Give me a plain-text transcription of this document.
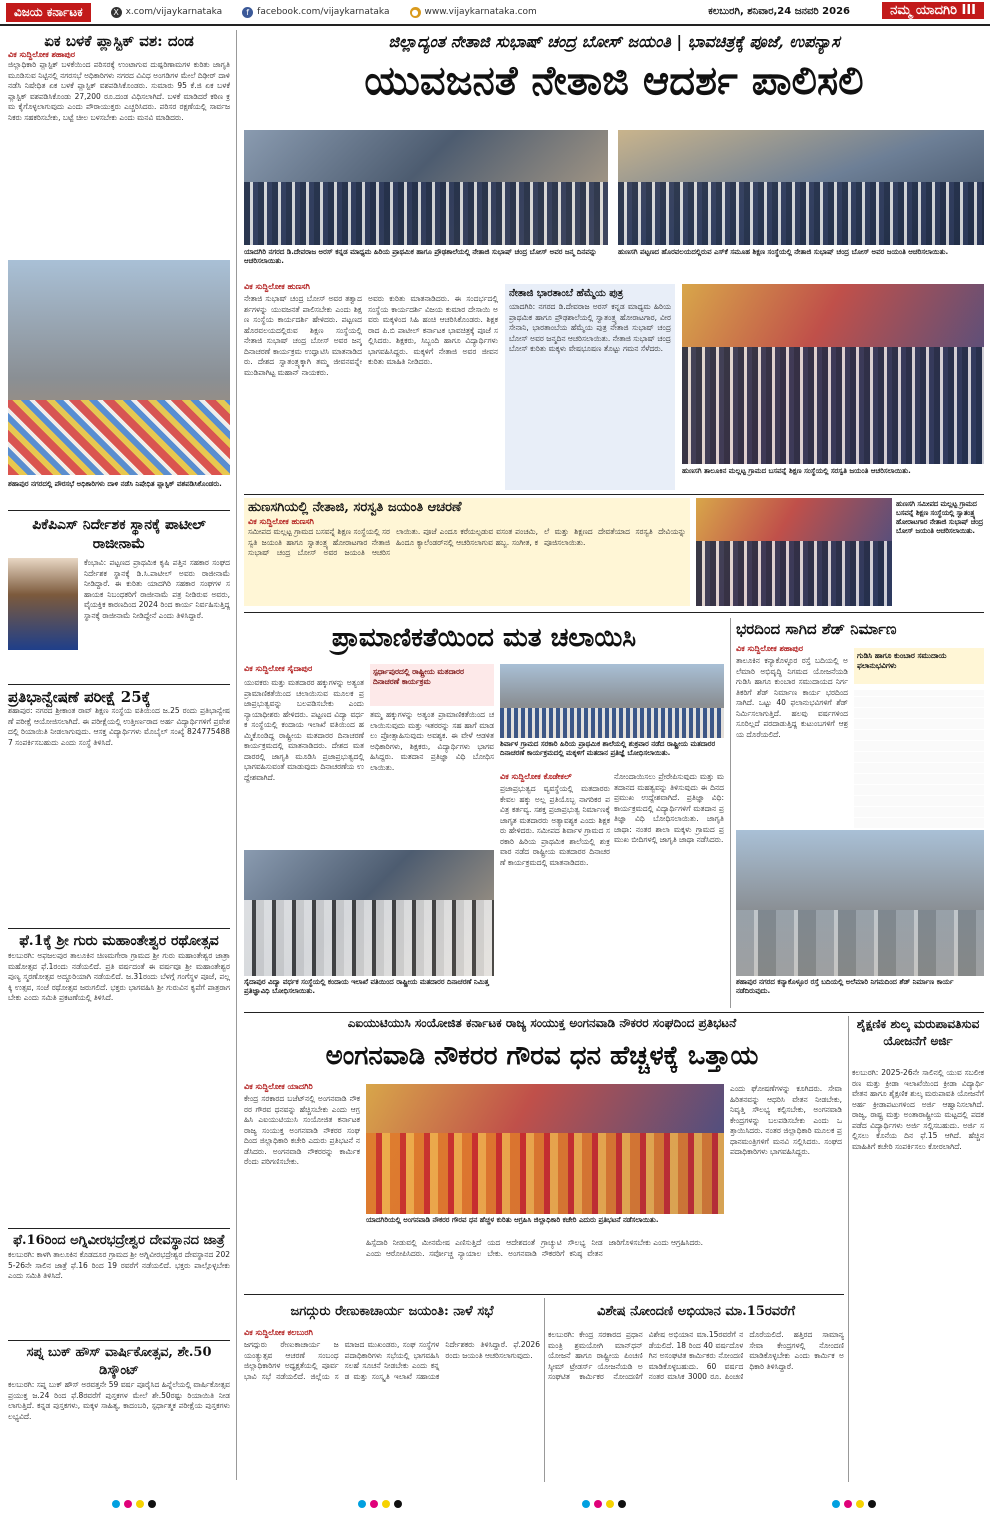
ವಿಜಯ ಕರ್ನಾಟಕ	X x.com/vijaykarnataka	f facebook.com/vijaykarnataka	● www.vijaykarnataka.com	ಕಲಬುರಗಿ, ಶನಿವಾರ,24 ಜನವರಿ 2026	ನಮ್ಮ ಯಾದಗಿರಿ III
ಏಕ ಬಳಕೆ ಪ್ಲಾಸ್ಟಿಕ್ ವಶ: ದಂಡ
ವಿಕ ಸುದ್ದಿಲೋಕ ಶಹಾಪುರ
ಜಿಲ್ಲಾಧಿಕಾರಿ ಪ್ಲಾಸ್ಟಿಕ್ ಬಳಕೆಯಿಂದ ಪರಿಸರಕ್ಕೆ ಉಂಟಾಗುವ ದುಷ್ಪರಿಣಾಮಗಳ ಕುರಿತು ಜಾಗೃತಿ ಮೂಡಿಸುವ ನಿಟ್ಟಿನಲ್ಲಿ ನಗರಸಭೆ ಅಧಿಕಾರಿಗಳು ನಗರದ ವಿವಿಧ ಅಂಗಡಿಗಳ ಮೇಲೆ ದಿಢೀರ್ ದಾಳಿ ನಡೆಸಿ ನಿಷೇಧಿತ ಏಕ ಬಳಕೆ ಪ್ಲಾಸ್ಟಿಕ್ ವಶಪಡಿಸಿಕೊಂಡರು. ಸುಮಾರು 95 ಕೆ.ಜಿ ಏಕ ಬಳಕೆ ಪ್ಲಾಸ್ಟಿಕ್ ವಶಪಡಿಸಿಕೊಂಡು 27,200 ರೂ.ದಂಡ ವಿಧಿಸಲಾಗಿದೆ. ಬಳಕೆ ಮಾಡಿದರೆ ಕಠಿಣ ಕ್ರಮ ಕೈಗೊಳ್ಳಲಾಗುವುದು ಎಂದು ಪೌರಾಯುಕ್ತರು ಎಚ್ಚರಿಸಿದರು. ಪರಿಸರ ರಕ್ಷಣೆಯಲ್ಲಿ ಸಾರ್ವಜನಿಕರು ಸಹಕರಿಸಬೇಕು, ಬಟ್ಟೆ ಚೀಲ ಬಳಸಬೇಕು ಎಂದು ಮನವಿ ಮಾಡಿದರು.
ಶಹಾಪುರ ನಗರದಲ್ಲಿ ಪೌರಸಭೆ ಅಧಿಕಾರಿಗಳು ದಾಳಿ ನಡೆಸಿ ನಿಷೇಧಿತ ಪ್ಲಾಸ್ಟಿಕ್ ವಶಪಡಿಸಿಕೊಂಡರು.
ಪಿಕೆಪಿಎಸ್ ನಿರ್ದೇಶಕ ಸ್ಥಾನಕ್ಕೆ ಪಾಟೀಲ್ ರಾಜೀನಾಮೆ
ಕೆಂಭಾವಿ: ಪಟ್ಟಣದ ಪ್ರಾಥಮಿಕ ಕೃಷಿ ಪತ್ತಿನ ಸಹಕಾರ ಸಂಘದ ನಿರ್ದೇಶಕ ಸ್ಥಾನಕ್ಕೆ ಡಿ.ಸಿ.ಪಾಟೀಲ್ ಅವರು ರಾಜೀನಾಮೆ ನೀಡಿದ್ದಾರೆ. ಈ ಕುರಿತು ಯಾದಗಿರಿ ಸಹಕಾರ ಸಂಘಗಳ ಸಹಾಯಕ ನಿಬಂಧಕರಿಗೆ ರಾಜೀನಾಮೆ ಪತ್ರ ನೀಡಿರುವ ಅವರು, ವೈಯಕ್ತಿಕ ಕಾರಣದಿಂದ 2024 ರಿಂದ ಕಾರ್ಯ ನಿರ್ವಹಿಸುತ್ತಿದ್ದ ಸ್ಥಾನಕ್ಕೆ ರಾಜೀನಾಮೆ ನೀಡಿದ್ದೇನೆ ಎಂದು ತಿಳಿಸಿದ್ದಾರೆ.
ಪ್ರತಿಭಾನ್ವೇಷಣೆ ಪರೀಕ್ಷೆ 25ಕ್ಕೆ
ಶಹಾಪುರ: ನಗರದ ಶ್ರೀಕಾಂತ ರಾವ್ ಶಿಕ್ಷಣ ಸಂಸ್ಥೆಯ ವತಿಯಿಂದ ಜ.25 ರಂದು ಪ್ರತಿಭಾನ್ವೇಷಣೆ ಪರೀಕ್ಷೆ ಆಯೋಜಿಸಲಾಗಿದೆ. ಈ ಪರೀಕ್ಷೆಯಲ್ಲಿ ಉತ್ತೀರ್ಣರಾದ ಅರ್ಹ ವಿದ್ಯಾರ್ಥಿಗಳಿಗೆ ಪ್ರವೇಶದಲ್ಲಿ ರಿಯಾಯಿತಿ ನೀಡಲಾಗುವುದು. ಆಸಕ್ತ ವಿದ್ಯಾರ್ಥಿಗಳು ಮೊಬೈಲ್ ಸಂಖ್ಯೆ 8247754887 ಸಂಪರ್ಕಿಸಬಹುದು ಎಂದು ಸಂಸ್ಥೆ ತಿಳಿಸಿದೆ.
ಫೆ.1ಕ್ಕೆ ಶ್ರೀ ಗುರು ಮಹಾಂತೇಶ್ವರ ರಥೋತ್ಸವ
ಕಲಬುರಗಿ: ಅಫಜಲಪುರ ತಾಲೂಕಿನ ಚಿಣಮಗೇರಾ ಗ್ರಾಮದ ಶ್ರೀ ಗುರು ಮಹಾಂತೇಶ್ವರ ಜಾತ್ರಾ ಮಹೋತ್ಸವ ಫೆ.1ರಂದು ನಡೆಯಲಿದೆ. ಪ್ರತಿ ವರ್ಷದಂತೆ ಈ ವರ್ಷವೂ ಶ್ರೀ ಮಹಾಂತೇಶ್ವರ ಪುಣ್ಯ ಸ್ಮರಣೋತ್ಸವ ಅದ್ದೂರಿಯಾಗಿ ನಡೆಯಲಿದೆ. ಜ.31ರಂದು ಬೆಳಗ್ಗೆ ಗಂಗೆಸ್ಥಳ ಪೂಜೆ, ಪಲ್ಲಕ್ಕಿ ಉತ್ಸವ, ಸಂಜೆ ರಥೋತ್ಸವ ಜರುಗಲಿದೆ. ಭಕ್ತರು ಭಾಗವಹಿಸಿ ಶ್ರೀ ಗುರುವಿನ ಕೃಪೆಗೆ ಪಾತ್ರರಾಗಬೇಕು ಎಂದು ಸಮಿತಿ ಪ್ರಕಟಣೆಯಲ್ಲಿ ತಿಳಿಸಿದೆ.
ಫೆ.16ರಿಂದ ಅಗ್ನಿವೀರಭದ್ರೇಶ್ವರ ದೇವಸ್ಥಾನದ ಜಾತ್ರೆ
ಕಲಬುರಗಿ: ಕಾಳಗಿ ತಾಲೂಕಿನ ಕೊಡದೂರ ಗ್ರಾಮದ ಶ್ರೀ ಅಗ್ನಿವೀರಭದ್ರೇಶ್ವರ ದೇವಸ್ಥಾನದ 2025-26ನೇ ಸಾಲಿನ ಜಾತ್ರೆ ಫೆ.16 ರಿಂದ 19 ರವರೆಗೆ ನಡೆಯಲಿದೆ. ಭಕ್ತರು ಪಾಲ್ಗೊಳ್ಳಬೇಕು ಎಂದು ಸಮಿತಿ ತಿಳಿಸಿದೆ.
ಸಪ್ನ ಬುಕ್ ಹೌಸ್ ವಾರ್ಷಿಕೋತ್ಸವ, ಶೇ.50 ಡಿಸ್ಕೌಂಟ್
ಕಲಬುರಗಿ: ಸಪ್ನ ಬುಕ್ ಹೌಸ್ ಅರವತ್ತನೇ 59 ವರ್ಷ ಪೂರೈಸಿದ ಹಿನ್ನೆಲೆಯಲ್ಲಿ ವಾರ್ಷಿಕೋತ್ಸವ ಪ್ರಯುಕ್ತ ಜ.24 ರಿಂದ ಫೆ.8ರವರೆಗೆ ಪುಸ್ತಕಗಳ ಮೇಲೆ ಶೇ.50ರಷ್ಟು ರಿಯಾಯಿತಿ ನೀಡಲಾಗುತ್ತಿದೆ. ಕನ್ನಡ ಪುಸ್ತಕಗಳು, ಮಕ್ಕಳ ಸಾಹಿತ್ಯ, ಕಾದಂಬರಿ, ಸ್ಪರ್ಧಾತ್ಮಕ ಪರೀಕ್ಷೆಯ ಪುಸ್ತಕಗಳು ಲಭ್ಯವಿದೆ.
ಜಿಲ್ಲಾದ್ಯಂತ ನೇತಾಜಿ ಸುಭಾಷ್ ಚಂದ್ರ ಬೋಸ್ ಜಯಂತಿ | ಭಾವಚಿತ್ರಕ್ಕೆ ಪೂಜೆ, ಉಪನ್ಯಾಸ
ಯುವಜನತೆ ನೇತಾಜಿ ಆದರ್ಶ ಪಾಲಿಸಲಿ
ಯಾದಗಿರಿ ನಗರದ ಡಿ.ದೇವರಾಜ ಅರಸ್ ಕನ್ನಡ ಮಾಧ್ಯಮ ಹಿರಿಯ ಪ್ರಾಥಮಿಕ ಹಾಗೂ ಪ್ರೌಢಶಾಲೆಯಲ್ಲಿ ನೇತಾಜಿ ಸುಭಾಷ್ ಚಂದ್ರ ಬೋಸ್ ಅವರ ಜನ್ಮ ದಿನವನ್ನು ಆಚರಿಸಲಾಯಿತು.
ಹುಣಸಗಿ ಪಟ್ಟಣದ ಹೊರವಲಯದಲ್ಲಿರುವ ಎಸ್‌ಕೆ ಸಮೂಹ ಶಿಕ್ಷಣ ಸಂಸ್ಥೆಯಲ್ಲಿ ನೇತಾಜಿ ಸುಭಾಷ್ ಚಂದ್ರ ಬೋಸ್ ಅವರ ಜಯಂತಿ ಆಚರಿಸಲಾಯಿತು.
ವಿಕ ಸುದ್ದಿಲೋಕ ಹುಣಸಗಿ
ನೇತಾಜಿ ಸುಭಾಷ್ ಚಂದ್ರ ಬೋಸ್ ಅವರ ತತ್ವಾದರ್ಶಗಳನ್ನು ಯುವಜನತೆ ಪಾಲಿಸಬೇಕು ಎಂದು ಶಿಕ್ಷಣ ಸಂಸ್ಥೆಯ ಕಾರ್ಯದರ್ಶಿ ಹೇಳಿದರು. ಪಟ್ಟಣದ ಹೊರವಲಯದಲ್ಲಿರುವ ಶಿಕ್ಷಣ ಸಂಸ್ಥೆಯಲ್ಲಿ ನೇತಾಜಿ ಸುಭಾಷ್ ಚಂದ್ರ ಬೋಸ್ ಅವರ ಜನ್ಮ ದಿನಾಚರಣೆ ಕಾರ್ಯಕ್ರಮ ಉದ್ಘಾಟಿಸಿ ಮಾತನಾಡಿದರು. ದೇಶದ ಸ್ವಾತಂತ್ರ್ಯಕ್ಕಾಗಿ ತಮ್ಮ ಜೀವನವನ್ನೇ ಮುಡಿಪಾಗಿಟ್ಟ ಮಹಾನ್ ನಾಯಕರು.
ಅವರು ಕುರಿತು ಮಾತನಾಡಿದರು. ಈ ಸಂದರ್ಭದಲ್ಲಿ ಸಂಸ್ಥೆಯ ಕಾರ್ಯದರ್ಶಿ ವಿಜಯ ಕುಮಾರ ದೇಸಾಯಿ ಅವರು ಮಕ್ಕಳಿಂದ ಸಿಹಿ ಹಂಚಿ ಆಚರಿಸಿಕೊಂಡರು. ಶಿಕ್ಷಕರಾದ ಪಿ.ಬಿ ಪಾಟೀಲ್ ಕರ್ನಾಟಕ ಭಾವಚಿತ್ರಕ್ಕೆ ಪೂಜೆ ಸಲ್ಲಿಸಿದರು. ಶಿಕ್ಷಕರು, ಸಿಬ್ಬಂದಿ ಹಾಗೂ ವಿದ್ಯಾರ್ಥಿಗಳು ಭಾಗವಹಿಸಿದ್ದರು. ಮಕ್ಕಳಿಗೆ ನೇತಾಜಿ ಅವರ ಜೀವನ ಕುರಿತು ಮಾಹಿತಿ ನೀಡಿದರು.
ನೇತಾಜಿ ಭಾರತಾಂಬೆ ಹೆಮ್ಮೆಯ ಪುತ್ರ
ಯಾದಗಿರಿ: ನಗರದ ಡಿ.ದೇವರಾಜ ಅರಸ್ ಕನ್ನಡ ಮಾಧ್ಯಮ ಹಿರಿಯ ಪ್ರಾಥಮಿಕ ಹಾಗೂ ಪ್ರೌಢಶಾಲೆಯಲ್ಲಿ ಸ್ವಾತಂತ್ರ್ಯ ಹೋರಾಟಗಾರ, ವೀರ ಸೇನಾನಿ, ಭಾರತಾಂಬೆಯ ಹೆಮ್ಮೆಯ ಪುತ್ರ ನೇತಾಜಿ ಸುಭಾಷ್ ಚಂದ್ರ ಬೋಸ್ ಅವರ ಜನ್ಮದಿನ ಆಚರಿಸಲಾಯಿತು. ನೇತಾಜಿ ಸುಭಾಷ್ ಚಂದ್ರ ಬೋಸ್ ಕುರಿತು ಮಕ್ಕಳು ವೇಷಭೂಷಣ ತೊಟ್ಟು ಗಮನ ಸೆಳೆದರು.
ಹುಣಸಗಿ ತಾಲೂಕಿನ ಮಲ್ಲಟ್ಟ ಗ್ರಾಮದ ಬಸವನ್ನೆ ಶಿಕ್ಷಣ ಸಂಸ್ಥೆಯಲ್ಲಿ ಸರಸ್ವತಿ ಜಯಂತಿ ಆಚರಿಸಲಾಯಿತು.
ಹುಣಸಗಿಯಲ್ಲಿ ನೇತಾಜಿ, ಸರಸ್ವತಿ ಜಯಂತಿ ಆಚರಣೆ
ವಿಕ ಸುದ್ದಿಲೋಕ ಹುಣಸಗಿ
ಸಮೀಪದ ಮಲ್ಲಟ್ಟ ಗ್ರಾಮದ ಬಸವನ್ನೆ ಶಿಕ್ಷಣ ಸಂಸ್ಥೆಯಲ್ಲಿ ಸರಸ್ವತಿ ಜಯಂತಿ ಹಾಗೂ ಸ್ವಾತಂತ್ರ್ಯ ಹೋರಾಟಗಾರ ನೇತಾಜಿ ಸುಭಾಷ್ ಚಂದ್ರ ಬೋಸ್ ಅವರ ಜಯಂತಿ ಆಚರಿಸಲಾಯಿತು. ಪೂಜೆ ಎಂದೂ ಕರೆಯಲ್ಪಡುವ ವಸಂತ ಪಂಚಮಿ, ಹಿಂದೂ ಕ್ಯಾಲೆಂಡರ್‌ನಲ್ಲಿ ಆಚರಿಸಲಾಗುವ ಹಬ್ಬ. ಸಂಗೀತ, ಕಲೆ ಮತ್ತು ಶಿಕ್ಷಣದ ದೇವತೆಯಾದ ಸರಸ್ವತಿ ದೇವಿಯನ್ನು ಪೂಜಿಸಲಾಯಿತು.
ಹುಣಸಗಿ ಸಮೀಪದ ಮಲ್ಲಟ್ಟ ಗ್ರಾಮದ ಬಸವನ್ನೆ ಶಿಕ್ಷಣ ಸಂಸ್ಥೆಯಲ್ಲಿ ಸ್ವಾತಂತ್ರ್ಯ ಹೋರಾಟಗಾರ ನೇತಾಜಿ ಸುಭಾಷ್ ಚಂದ್ರ ಬೋಸ್ ಜಯಂತಿ ಆಚರಿಸಲಾಯಿತು.
ಪ್ರಾಮಾಣಿಕತೆಯಿಂದ ಮತ ಚಲಾಯಿಸಿ
ವಿಕ ಸುದ್ದಿಲೋಕ ಸೈದಾಪುರ	ಸ್ಪರ್ಧಾಪುರದಲ್ಲಿ ರಾಷ್ಟ್ರೀಯ ಮತದಾರರ ದಿನಾಚರಣೆ ಕಾರ್ಯಕ್ರಮ
ಯುವಕರು ಮತ್ತು ಮತದಾರರ ಹಕ್ಕುಗಳನ್ನು ಅತ್ಯಂತ ಪ್ರಾಮಾಣಿಕತೆಯಿಂದ ಚಲಾಯಿಸುವ ಮೂಲಕ ಪ್ರಜಾಪ್ರಭುತ್ವವನ್ನು ಬಲಪಡಿಸಬೇಕು ಎಂದು ನ್ಯಾಯಾಧೀಶರು ಹೇಳಿದರು. ಪಟ್ಟಣದ ವಿದ್ಯಾ ವರ್ಧಕ ಸಂಸ್ಥೆಯಲ್ಲಿ ಕಂದಾಯ ಇಲಾಖೆ ವತಿಯಿಂದ ಹಮ್ಮಿಕೊಂಡಿದ್ದ ರಾಷ್ಟ್ರೀಯ ಮತದಾರರ ದಿನಾಚರಣೆ ಕಾರ್ಯಕ್ರಮದಲ್ಲಿ ಮಾತನಾಡಿದರು. ದೇಶದ ಮತದಾರರಲ್ಲಿ ಜಾಗೃತಿ ಮೂಡಿಸಿ ಪ್ರಜಾಪ್ರಭುತ್ವದಲ್ಲಿ ಭಾಗವಹಿಸುವಂತೆ ಮಾಡುವುದು ದಿನಾಚರಣೆಯ ಉದ್ದೇಶವಾಗಿದೆ.
ತಮ್ಮ ಹಕ್ಕುಗಳನ್ನು ಅತ್ಯಂತ ಪ್ರಾಮಾಣಿಕತೆಯಿಂದ ಚಲಾಯಿಸುವುದು ಮತ್ತು ಇತರರನ್ನು ಸಹ ಹಾಗೆ ಮಾಡಲು ಪ್ರೋತ್ಸಾಹಿಸುವುದು ಅವಶ್ಯಕ. ಈ ವೇಳೆ ಆಡಳಿತ ಅಧಿಕಾರಿಗಳು, ಶಿಕ್ಷಕರು, ವಿದ್ಯಾರ್ಥಿಗಳು ಭಾಗವಹಿಸಿದ್ದರು. ಮತದಾನ ಪ್ರತಿಜ್ಞಾ ವಿಧಿ ಬೋಧಿಸಲಾಯಿತು.
ಶಿರ್ವಾಳ ಗ್ರಾಮದ ಸರಕಾರಿ ಹಿರಿಯ ಪ್ರಾಥಮಿಕ ಶಾಲೆಯಲ್ಲಿ ಶುಕ್ರವಾರ ನಡೆದ ರಾಷ್ಟ್ರೀಯ ಮತದಾರರ ದಿನಾಚರಣೆ ಕಾರ್ಯಕ್ರಮದಲ್ಲಿ ಮಕ್ಕಳಿಗೆ ಮತದಾನ ಪ್ರತಿಜ್ಞೆ ಬೋಧಿಸಲಾಯಿತು.
ವಿಕ ಸುದ್ದಿಲೋಕ ಕೊಡೇಕಲ್
ಪ್ರಜಾಪ್ರಭುತ್ವದ ವ್ಯವಸ್ಥೆಯಲ್ಲಿ ಮತದಾರರು ಕೇವಲ ಹಕ್ಕು ಅಲ್ಲ ಪ್ರತಿಯೊಬ್ಬ ನಾಗರಿಕರ ಪವಿತ್ರ ಕರ್ತವ್ಯ. ಸಶಕ್ತ ಪ್ರಜಾಪ್ರಭುತ್ವ ನಿರ್ಮಾಣಕ್ಕೆ ಜಾಗೃತ ಮತದಾರರು ಅತ್ಯಾವಶ್ಯಕ ಎಂದು ಶಿಕ್ಷಕರು ಹೇಳಿದರು. ಸಮೀಪದ ಶಿರ್ವಾಳ ಗ್ರಾಮದ ಸರಕಾರಿ ಹಿರಿಯ ಪ್ರಾಥಮಿಕ ಶಾಲೆಯಲ್ಲಿ ಶುಕ್ರವಾರ ನಡೆದ ರಾಷ್ಟ್ರೀಯ ಮತದಾರರ ದಿನಾಚರಣೆ ಕಾರ್ಯಕ್ರಮದಲ್ಲಿ ಮಾತನಾಡಿದರು.
ನೋಂದಾಯಿಸಲು ಪ್ರೇರೇಪಿಸುವುದು ಮತ್ತು ಮತದಾನದ ಮಹತ್ವವನ್ನು ತಿಳಿಸುವುದು ಈ ದಿನದ ಪ್ರಮುಖ ಉದ್ದೇಶವಾಗಿದೆ. ಪ್ರತಿಜ್ಞಾ ವಿಧಿ: ಕಾರ್ಯಕ್ರಮದಲ್ಲಿ ವಿದ್ಯಾರ್ಥಿಗಳಿಗೆ ಮತದಾನ ಪ್ರತಿಜ್ಞಾ ವಿಧಿ ಬೋಧಿಸಲಾಯಿತು. ಜಾಗೃತಿ ಜಾಥಾ: ನಂತರ ಶಾಲಾ ಮಕ್ಕಳು ಗ್ರಾಮದ ಪ್ರಮುಖ ಬೀದಿಗಳಲ್ಲಿ ಜಾಗೃತಿ ಜಾಥಾ ನಡೆಸಿದರು.
ಸೈದಾಪುರ ವಿದ್ಯಾ ವರ್ಧಕ ಸಂಸ್ಥೆಯಲ್ಲಿ ಕಂದಾಯ ಇಲಾಖೆ ವತಿಯಿಂದ ರಾಷ್ಟ್ರೀಯ ಮತದಾರರ ದಿನಾಚರಣೆ ನಿಮಿತ್ತ ಪ್ರತಿಜ್ಞಾವಿಧಿ ಬೋಧಿಸಲಾಯಿತು.
ಭರದಿಂದ ಸಾಗಿದ ಶೆಡ್ ನಿರ್ಮಾಣ
ವಿಕ ಸುದ್ದಿಲೋಕ ಶಹಾಪುರ
ತಾಲೂಕಿನ ಕನ್ಯಾಕೊಳ್ಳೂರ ರಸ್ತೆ ಬದಿಯಲ್ಲಿ ಅಲೆಮಾರಿ ಅಭಿವೃದ್ಧಿ ನಿಗಮದ ಯೋಜನೆಯಡಿ ಗುಡಿಸಿ ಹಾಗೂ ಕುಂಬಾರ ಸಮುದಾಯದ ನಿರ್ಗತಿಕರಿಗೆ ಶೆಡ್ ನಿರ್ಮಾಣ ಕಾರ್ಯ ಭರದಿಂದ ಸಾಗಿದೆ. ಒಟ್ಟು 40 ಫಲಾನುಭವಿಗಳಿಗೆ ಶೆಡ್ ನಿರ್ಮಿಸಲಾಗುತ್ತಿದೆ. ಹಲವು ವರ್ಷಗಳಿಂದ ಸೂರಿಲ್ಲದೆ ಪರದಾಡುತ್ತಿದ್ದ ಕುಟುಂಬಗಳಿಗೆ ಆಶ್ರಯ ದೊರೆಯಲಿದೆ.
ಗುಡಿಸಿ ಹಾಗೂ ಕುಂಬಾರ ಸಮುದಾಯ ಫಲಾನುಭವಿಗಳು
ಶಹಾಪುರ ನಗರದ ಕನ್ಯಾಕೊಳ್ಳೂರ ರಸ್ತೆ ಬದಿಯಲ್ಲಿ ಅಲೆಮಾರಿ ನಿಗಮದಿಂದ ಶೆಡ್ ನಿರ್ಮಾಣ ಕಾರ್ಯ ನಡೆದಿರುವುದು.
ಎಐಯುಟಿಯುಸಿ ಸಂಯೋಜಿತ ಕರ್ನಾಟಕ ರಾಜ್ಯ ಸಂಯುಕ್ತ ಅಂಗನವಾಡಿ ನೌಕರರ ಸಂಘದಿಂದ ಪ್ರತಿಭಟನೆ
ಅಂಗನವಾಡಿ ನೌಕರರ ಗೌರವ ಧನ ಹೆಚ್ಚಳಕ್ಕೆ ಒತ್ತಾಯ
ವಿಕ ಸುದ್ದಿಲೋಕ ಯಾದಗಿರಿ
ಕೇಂದ್ರ ಸರಕಾರದ ಬಜೆಟ್‌ನಲ್ಲಿ ಅಂಗನವಾಡಿ ನೌಕರರ ಗೌರವ ಧನವನ್ನು ಹೆಚ್ಚಿಸಬೇಕು ಎಂದು ಆಗ್ರಹಿಸಿ ಎಐಯುಟಿಯುಸಿ ಸಂಯೋಜಿತ ಕರ್ನಾಟಕ ರಾಜ್ಯ ಸಂಯುಕ್ತ ಅಂಗನವಾಡಿ ನೌಕರರ ಸಂಘದಿಂದ ಜಿಲ್ಲಾಧಿಕಾರಿ ಕಚೇರಿ ಎದುರು ಪ್ರತಿಭಟನೆ ನಡೆಸಿದರು. ಅಂಗನವಾಡಿ ನೌಕರರನ್ನು ಕಾರ್ಮಿಕರೆಂದು ಪರಿಗಣಿಸಬೇಕು.
ಯಾದಗಿರಿಯಲ್ಲಿ ಅಂಗನವಾಡಿ ನೌಕರರ ಗೌರವ ಧನ ಹೆಚ್ಚಳ ಕುರಿತು ಆಗ್ರಹಿಸಿ ಜಿಲ್ಲಾಧಿಕಾರಿ ಕಚೇರಿ ಎದುರು ಪ್ರತಿಭಟನೆ ನಡೆಸಲಾಯಿತು.
ಹಿಸ್ಸೆದಾರಿ ನೀಡುವಲ್ಲಿ ಮೀನಮೇಷ ಎಣಿಸುತ್ತಿದೆ ಎಂದು ಆರೋಪಿಸಿದರು. ಸರ್ವೋಚ್ಚ ನ್ಯಾಯಾಲಯದ ಆದೇಶದಂತೆ ಗ್ರಾಚ್ಯುಟಿ ಸೌಲಭ್ಯ ನೀಡಬೇಕು. ಅಂಗನವಾಡಿ ನೌಕರರಿಗೆ ಕನಿಷ್ಠ ವೇತನ ಜಾರಿಗೊಳಿಸಬೇಕು ಎಂದು ಆಗ್ರಹಿಸಿದರು.
ಎಂದು ಘೋಷಣೆಗಳನ್ನು ಕೂಗಿದರು. ಸೇವಾ ಹಿರಿತನವನ್ನು ಆಧರಿಸಿ ವೇತನ ನೀಡಬೇಕು, ನಿವೃತ್ತಿ ಸೌಲಭ್ಯ ಕಲ್ಪಿಸಬೇಕು, ಅಂಗನವಾಡಿ ಕೇಂದ್ರಗಳನ್ನು ಬಲಪಡಿಸಬೇಕು ಎಂದು ಒತ್ತಾಯಿಸಿದರು. ನಂತರ ಜಿಲ್ಲಾಧಿಕಾರಿ ಮೂಲಕ ಪ್ರಧಾನಮಂತ್ರಿಗಳಿಗೆ ಮನವಿ ಸಲ್ಲಿಸಿದರು. ಸಂಘದ ಪದಾಧಿಕಾರಿಗಳು ಭಾಗವಹಿಸಿದ್ದರು.
ಶೈಕ್ಷಣಿಕ ಶುಲ್ಕ ಮರುಪಾವತಿಸುವ ಯೋಜನೆಗೆ ಅರ್ಜಿ
ಕಲಬುರಗಿ: 2025-26ನೇ ಸಾಲಿನಲ್ಲಿ ಯುವ ಸಬಲೀಕರಣ ಮತ್ತು ಕ್ರೀಡಾ ಇಲಾಖೆಯಿಂದ ಕ್ರೀಡಾ ವಿದ್ಯಾರ್ಥಿ ವೇತನ ಹಾಗೂ ಶೈಕ್ಷಣಿಕ ಶುಲ್ಕ ಮರುಪಾವತಿ ಯೋಜನೆಗೆ ಅರ್ಹ ಕ್ರೀಡಾಪಟುಗಳಿಂದ ಅರ್ಜಿ ಆಹ್ವಾನಿಸಲಾಗಿದೆ. ರಾಜ್ಯ, ರಾಷ್ಟ್ರ ಮತ್ತು ಅಂತಾರಾಷ್ಟ್ರೀಯ ಮಟ್ಟದಲ್ಲಿ ಪದಕ ಪಡೆದ ವಿದ್ಯಾರ್ಥಿಗಳು ಅರ್ಜಿ ಸಲ್ಲಿಸಬಹುದು. ಅರ್ಜಿ ಸಲ್ಲಿಸಲು ಕೊನೆಯ ದಿನ ಫೆ.15 ಆಗಿದೆ. ಹೆಚ್ಚಿನ ಮಾಹಿತಿಗೆ ಕಚೇರಿ ಸಂಪರ್ಕಿಸಲು ಕೋರಲಾಗಿದೆ.
ಜಗದ್ಗುರು ರೇಣುಕಾಚಾರ್ಯ ಜಯಂತಿ: ನಾಳೆ ಸಭೆ
ವಿಕ ಸುದ್ದಿಲೋಕ ಕಲಬುರಗಿ
ಜಗದ್ಗುರು ರೇಣುಕಾಚಾರ್ಯ ಜಯಂತ್ಯುತ್ಸವ ಆಚರಣೆ ಸಂಬಂಧ ಜಿಲ್ಲಾಧಿಕಾರಿಗಳ ಅಧ್ಯಕ್ಷತೆಯಲ್ಲಿ ಪೂರ್ವಭಾವಿ ಸಭೆ ನಡೆಯಲಿದೆ. ಜಿಲ್ಲೆಯ ಸಮಾಜದ ಮುಖಂಡರು, ಸಂಘ ಸಂಸ್ಥೆಗಳ ಪದಾಧಿಕಾರಿಗಳು ಸಭೆಯಲ್ಲಿ ಭಾಗವಹಿಸಿ ಸಲಹೆ ಸೂಚನೆ ನೀಡಬೇಕು ಎಂದು ಕನ್ನಡ ಮತ್ತು ಸಂಸ್ಕೃತಿ ಇಲಾಖೆ ಸಹಾಯಕ ನಿರ್ದೇಶಕರು ತಿಳಿಸಿದ್ದಾರೆ. ಫೆ.2026ರಂದು ಜಯಂತಿ ಆಚರಿಸಲಾಗುವುದು.
ವಿಶೇಷ ನೋಂದಣಿ ಅಭಿಯಾನ ಮಾ.15ರವರೆಗೆ
ಕಲಬುರಗಿ: ಕೇಂದ್ರ ಸರಕಾರದ ಪ್ರಧಾನಮಂತ್ರಿ ಶ್ರಮಯೋಗಿ ಮಾನ್‌ಧನ್ ಯೋಜನೆ ಹಾಗೂ ರಾಷ್ಟ್ರೀಯ ಪಿಂಚಣಿ ಸ್ಕೀಮ್ ಟ್ರೇಡರ್ಸ್ ಯೋಜನೆಯಡಿ ಅಸಂಘಟಿತ ಕಾರ್ಮಿಕರ ನೋಂದಣಿಗೆ ವಿಶೇಷ ಅಭಿಯಾನ ಮಾ.15ರವರೆಗೆ ನಡೆಯಲಿದೆ. 18 ರಿಂದ 40 ವರ್ಷದೊಳಗಿನ ಅಸಂಘಟಿತ ಕಾರ್ಮಿಕರು ನೋಂದಣಿ ಮಾಡಿಕೊಳ್ಳಬಹುದು. 60 ವರ್ಷದ ನಂತರ ಮಾಸಿಕ 3000 ರೂ. ಪಿಂಚಣಿ ದೊರೆಯಲಿದೆ. ಹತ್ತಿರದ ಸಾಮಾನ್ಯ ಸೇವಾ ಕೇಂದ್ರಗಳಲ್ಲಿ ನೋಂದಣಿ ಮಾಡಿಕೊಳ್ಳಬೇಕು ಎಂದು ಕಾರ್ಮಿಕ ಅಧಿಕಾರಿ ತಿಳಿಸಿದ್ದಾರೆ.
